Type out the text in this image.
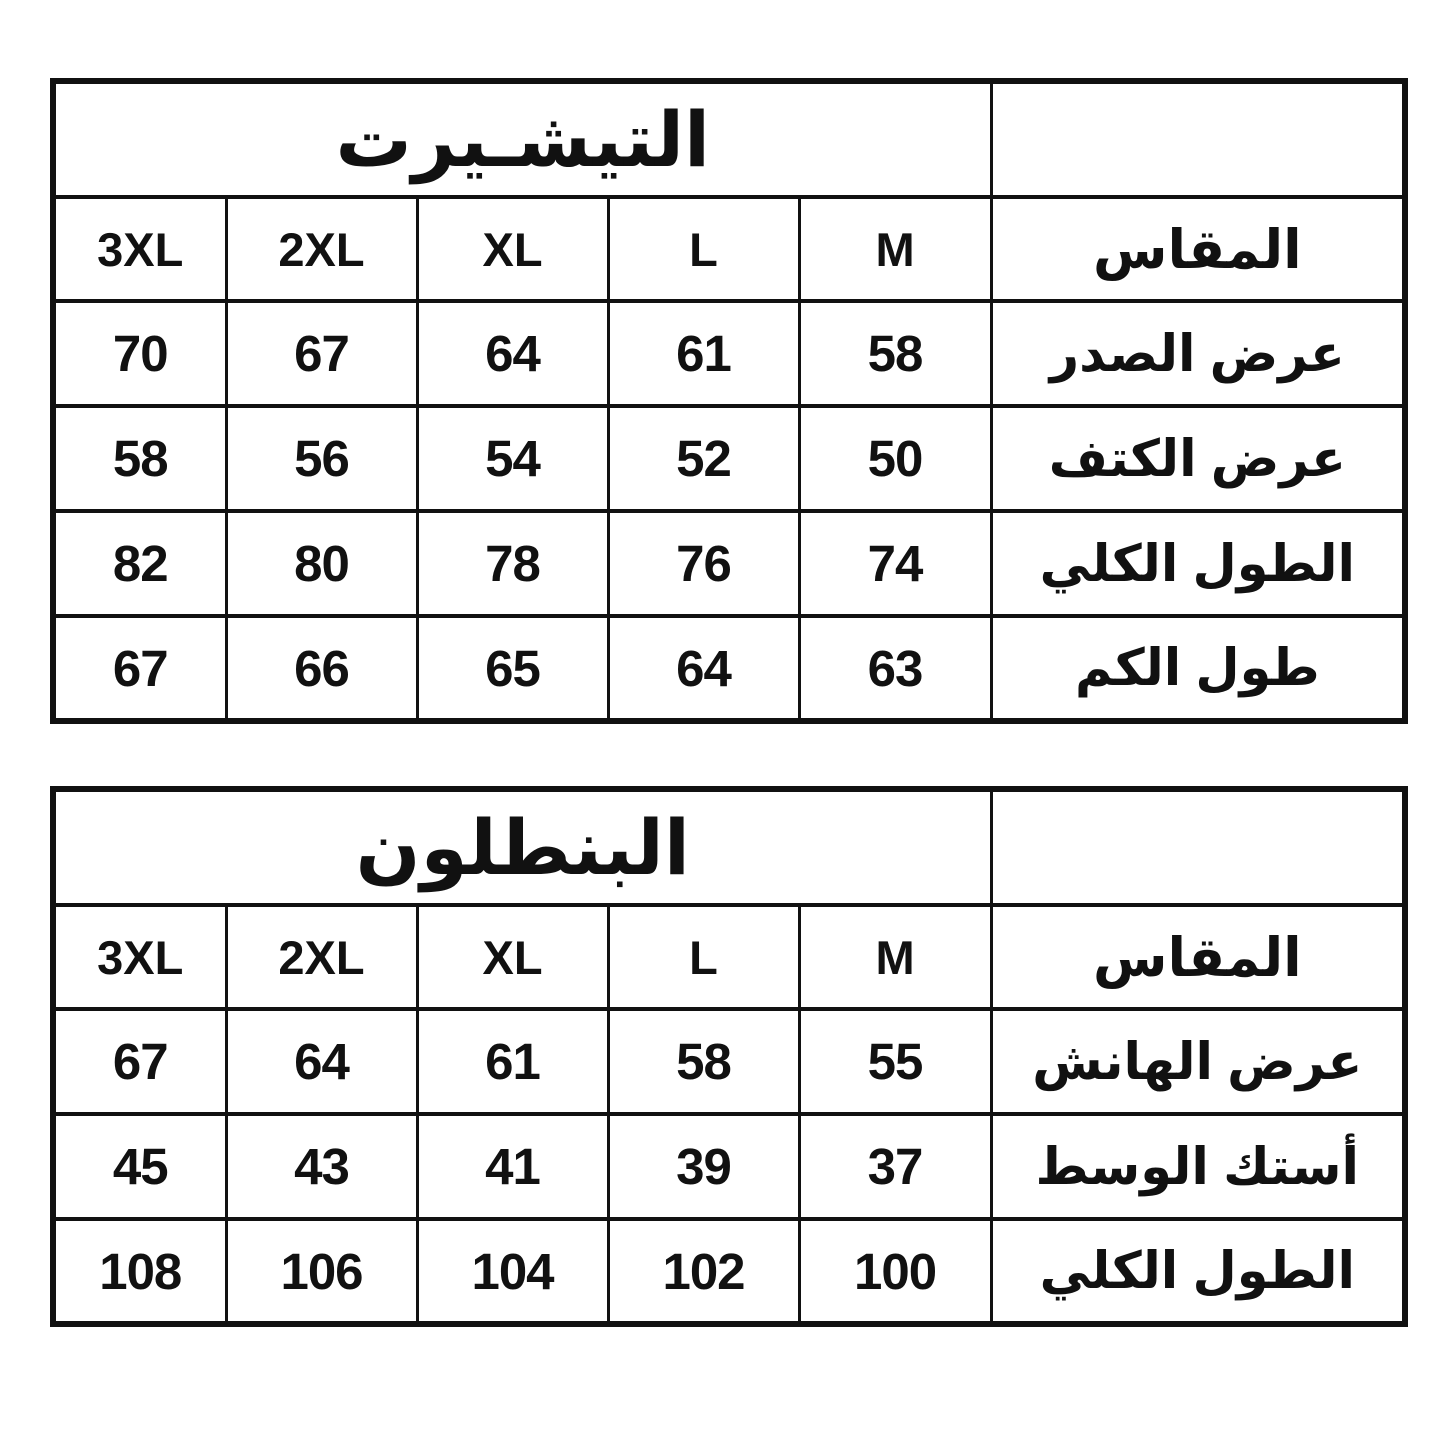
التيشـيرت					
3XL	2XL	XL	L	M	المقاس
70	67	64	61	58	عرض الصدر
58	56	54	52	50	عرض الكتف
82	80	78	76	74	الطول الكلي
67	66	65	64	63	طول الكم
البنطلون					
3XL	2XL	XL	L	M	المقاس
67	64	61	58	55	عرض الهانش
45	43	41	39	37	أستك الوسط
108	106	104	102	100	الطول الكلي
